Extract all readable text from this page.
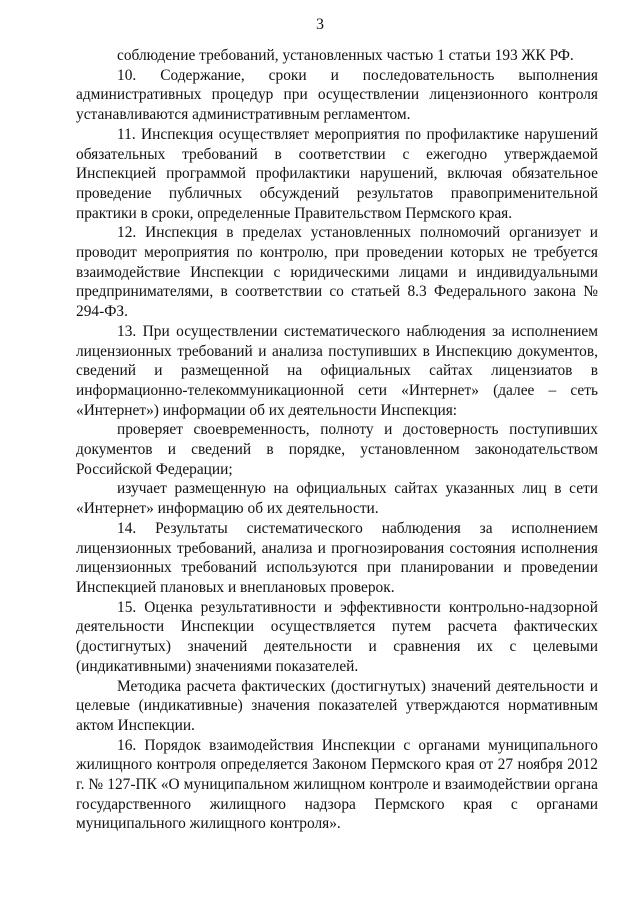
3

соблюдение требований, установленных частью 1 статьи 193 ЖК РФ.

10. Содержание, сроки и последовательность выполнения административных процедур при осуществлении лицензионного контроля устанавливаются административным регламентом.

11. Инспекция осуществляет мероприятия по профилактике нарушений обязательных требований в соответствии с ежегодно утверждаемой Инспекцией программой профилактики нарушений, включая обязательное проведение публичных обсуждений результатов правоприменительной практики в сроки, определенные Правительством Пермского края.

12. Инспекция в пределах установленных полномочий организует и проводит мероприятия по контролю, при проведении которых не требуется взаимодействие Инспекции с юридическими лицами и индивидуальными предпринимателями, в соответствии со статьей 8.3 Федерального закона № 294-ФЗ.

13. При осуществлении систематического наблюдения за исполнением лицензионных требований и анализа поступивших в Инспекцию документов, сведений и размещенной на официальных сайтах лицензиатов в информационно-телекоммуникационной сети «Интернет» (далее – сеть «Интернет») информации об их деятельности Инспекция:

проверяет своевременность, полноту и достоверность поступивших документов и сведений в порядке, установленном законодательством Российской Федерации;

изучает размещенную на официальных сайтах указанных лиц в сети «Интернет» информацию об их деятельности.

14. Результаты систематического наблюдения за исполнением лицензионных требований, анализа и прогнозирования состояния исполнения лицензионных требований используются при планировании и проведении Инспекцией плановых и внеплановых проверок.

15. Оценка результативности и эффективности контрольно-надзорной деятельности Инспекции осуществляется путем расчета фактических (достигнутых) значений деятельности и сравнения их с целевыми (индикативными) значениями показателей.

Методика расчета фактических (достигнутых) значений деятельности и целевые (индикативные) значения показателей утверждаются нормативным актом Инспекции.

16. Порядок взаимодействия Инспекции с органами муниципального жилищного контроля определяется Законом Пермского края от 27 ноября 2012 г. № 127-ПК «О муниципальном жилищном контроле и взаимодействии органа государственного жилищного надзора Пермского края с органами муниципального жилищного контроля».
